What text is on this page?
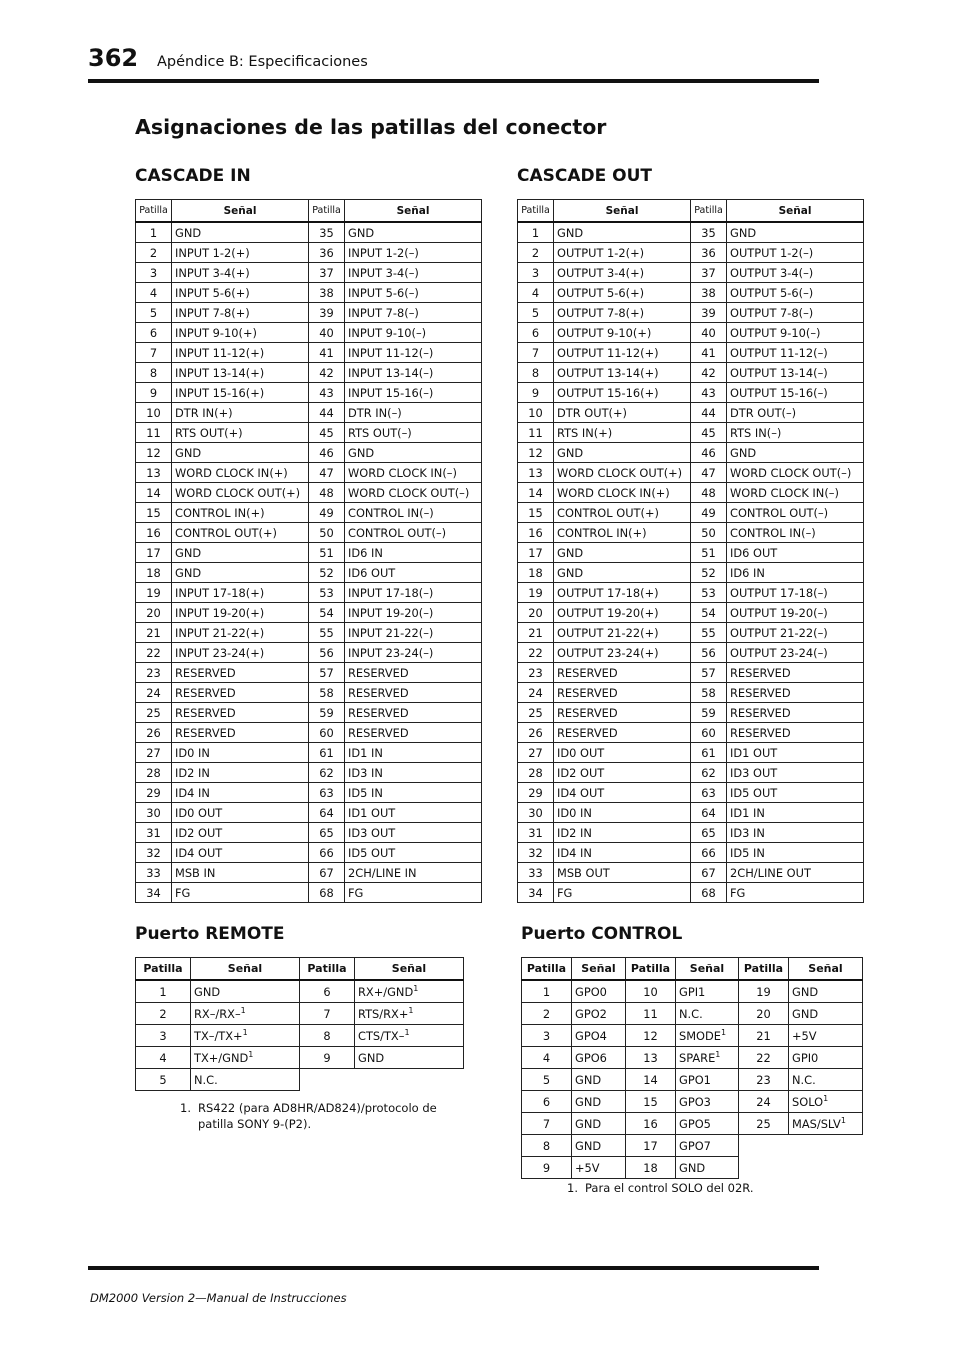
362 Apéndice B: Especificaciones
Asignaciones de las patillas del conector
CASCADE IN	CASCADE OUT
Patilla	Señal	Patilla	Señal
1	GND	35	GND
2	INPUT 1-2(+)	36	INPUT 1-2(–)
3	INPUT 3-4(+)	37	INPUT 3-4(–)
4	INPUT 5-6(+)	38	INPUT 5-6(–)
5	INPUT 7-8(+)	39	INPUT 7-8(–)
6	INPUT 9-10(+)	40	INPUT 9-10(–)
7	INPUT 11-12(+)	41	INPUT 11-12(–)
8	INPUT 13-14(+)	42	INPUT 13-14(–)
9	INPUT 15-16(+)	43	INPUT 15-16(–)
10	DTR IN(+)	44	DTR IN(–)
11	RTS OUT(+)	45	RTS OUT(–)
12	GND	46	GND
13	WORD CLOCK IN(+)	47	WORD CLOCK IN(–)
14	WORD CLOCK OUT(+)	48	WORD CLOCK OUT(–)
15	CONTROL IN(+)	49	CONTROL IN(–)
16	CONTROL OUT(+)	50	CONTROL OUT(–)
17	GND	51	ID6 IN
18	GND	52	ID6 OUT
19	INPUT 17-18(+)	53	INPUT 17-18(–)
20	INPUT 19-20(+)	54	INPUT 19-20(–)
21	INPUT 21-22(+)	55	INPUT 21-22(–)
22	INPUT 23-24(+)	56	INPUT 23-24(–)
23	RESERVED	57	RESERVED
24	RESERVED	58	RESERVED
25	RESERVED	59	RESERVED
26	RESERVED	60	RESERVED
27	ID0 IN	61	ID1 IN
28	ID2 IN	62	ID3 IN
29	ID4 IN	63	ID5 IN
30	ID0 OUT	64	ID1 OUT
31	ID2 OUT	65	ID3 OUT
32	ID4 OUT	66	ID5 OUT
33	MSB IN	67	2CH/LINE IN
34	FG	68	FG
Patilla	Señal	Patilla	Señal
1	GND	35	GND
2	OUTPUT 1-2(+)	36	OUTPUT 1-2(–)
3	OUTPUT 3-4(+)	37	OUTPUT 3-4(–)
4	OUTPUT 5-6(+)	38	OUTPUT 5-6(–)
5	OUTPUT 7-8(+)	39	OUTPUT 7-8(–)
6	OUTPUT 9-10(+)	40	OUTPUT 9-10(–)
7	OUTPUT 11-12(+)	41	OUTPUT 11-12(–)
8	OUTPUT 13-14(+)	42	OUTPUT 13-14(–)
9	OUTPUT 15-16(+)	43	OUTPUT 15-16(–)
10	DTR OUT(+)	44	DTR OUT(–)
11	RTS IN(+)	45	RTS IN(–)
12	GND	46	GND
13	WORD CLOCK OUT(+)	47	WORD CLOCK OUT(–)
14	WORD CLOCK IN(+)	48	WORD CLOCK IN(–)
15	CONTROL OUT(+)	49	CONTROL OUT(–)
16	CONTROL IN(+)	50	CONTROL IN(–)
17	GND	51	ID6 OUT
18	GND	52	ID6 IN
19	OUTPUT 17-18(+)	53	OUTPUT 17-18(–)
20	OUTPUT 19-20(+)	54	OUTPUT 19-20(–)
21	OUTPUT 21-22(+)	55	OUTPUT 21-22(–)
22	OUTPUT 23-24(+)	56	OUTPUT 23-24(–)
23	RESERVED	57	RESERVED
24	RESERVED	58	RESERVED
25	RESERVED	59	RESERVED
26	RESERVED	60	RESERVED
27	ID0 OUT	61	ID1 OUT
28	ID2 OUT	62	ID3 OUT
29	ID4 OUT	63	ID5 OUT
30	ID0 IN	64	ID1 IN
31	ID2 IN	65	ID3 IN
32	ID4 IN	66	ID5 IN
33	MSB OUT	67	2CH/LINE OUT
34	FG	68	FG
Puerto REMOTE	Puerto CONTROL
Patilla	Señal	Patilla	Señal
1	GND	6	$RX+/GND^1$
2	RX–/RX–$^1$	7	RTS/RX+$^1$
3	TX–/TX+$^1$	8	CTS/TX–$^1$
4	$TX+/GND^1$	9	GND
5	N.C.		
1. RS422 (para AD8HR/AD824)/protocolo de patilla SONY 9-(P2).
Patilla	Señal	Patilla	Señal	Patilla	Señal
1	GPO0	10	GPI1	19	GND
2	GPO2	11	N.C.	20	GND
3	GPO4	12	SMODE$^1$	21	+5V
4	GPO6	13	SPARE$^1$	22	GPI0
5	GND	14	GPO1	23	N.C.
6	GND	15	GPO3	24	SOLO$^1$
7	GND	16	GPO5	25	MAS/SLV$^1$
8	GND	17	GPO7		
9	+5V	18	GND		
1. Para el control SOLO del 02R.
DM2000 Version 2—Manual de Instrucciones
